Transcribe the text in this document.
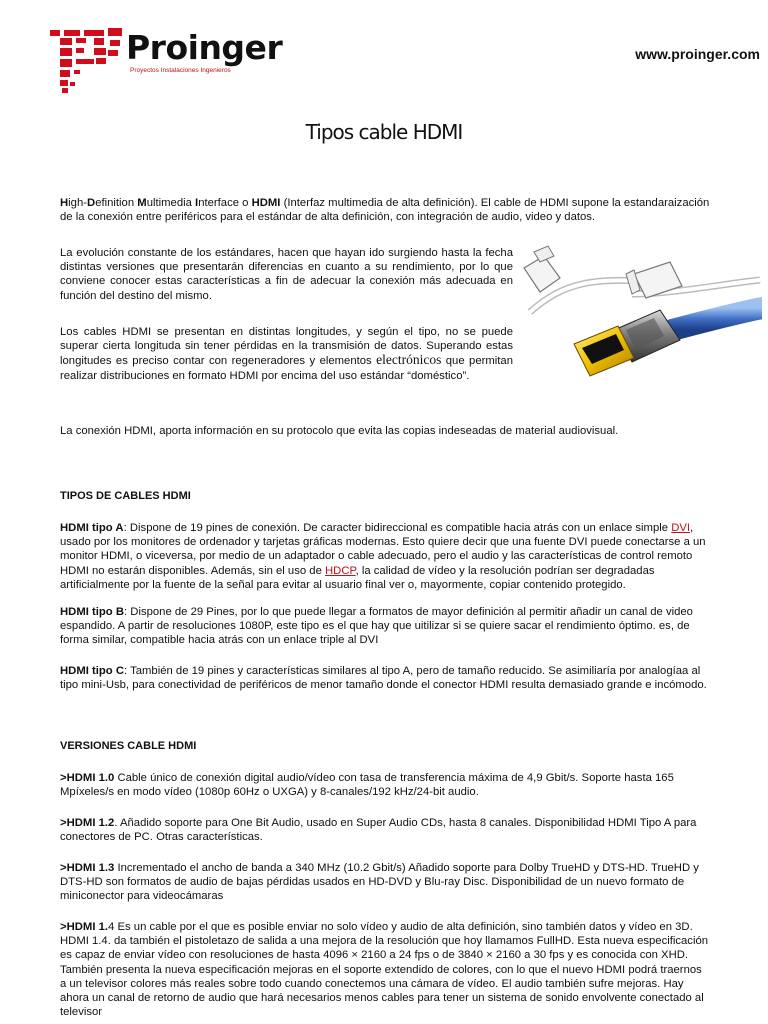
Proinger
Proyectos Instalaciones Ingenieros
www.proinger.com
Tipos cable HDMI

High-Definition Multimedia Interface o HDMI (Interfaz multimedia de alta definición). El cable de HDMI supone la estandaraización de la conexión entre periféricos para el estándar de alta definición, con integración de audio, video y datos.

La evolución constante de los estándares, hacen que hayan ido surgiendo hasta la fecha distintas versiones que presentarán diferencias en cuanto a su rendimiento, por lo que conviene conocer estas características a fin de adecuar la conexión más adecuada en función del destino del mismo.

Los cables HDMI se presentan en distintas longitudes, y según el tipo, no se puede superar cierta longituda sin tener pérdidas en la transmisión de datos. Superando estas longitudes es preciso contar con regeneradores y elementos electrónicos que permitan realizar distribuciones en formato HDMI por encima del uso estándar “doméstico”.

La conexión HDMI, aporta información en su protocolo que evita las copias indeseadas de material audiovisual.

TIPOS DE CABLES HDMI

HDMI tipo A: Dispone de 19 pines de conexión. De caracter bidireccional es compatible hacia atrás con un enlace simple DVI, usado por los monitores de ordenador y tarjetas gráficas modernas. Esto quiere decir que una fuente DVI puede conectarse a un monitor HDMI, o viceversa, por medio de un adaptador o cable adecuado, pero el audio y las características de control remoto HDMI no estarán disponibles. Además, sin el uso de HDCP, la calidad de vídeo y la resolución podrían ser degradadas artificialmente por la fuente de la señal para evitar al usuario final ver o, mayormente, copiar contenido protegido.

HDMI tipo B: Dispone de 29 Pines, por lo que puede llegar a formatos de mayor definición al permitir añadir un canal de video espandido. A partir de resoluciones 1080P, este tipo es el que hay que uitilizar si se quiere sacar el rendimiento óptimo. es, de forma similar, compatible hacia atrás con un enlace triple al DVI

HDMI tipo C: También de 19 pines y características similares al tipo A, pero de tamaño reducido. Se asimiliaría por analogíaa al tipo mini-Usb, para conectividad de periféricos de menor tamaño donde el conector HDMI resulta demasiado grande e incómodo.

VERSIONES CABLE HDMI

>HDMI 1.0 Cable único de conexión digital audio/vídeo con tasa de transferencia máxima de 4,9 Gbit/s. Soporte hasta 165 Mpíxeles/s en modo vídeo (1080p 60Hz o UXGA) y 8-canales/192 kHz/24-bit audio.

>HDMI 1.2. Añadido soporte para One Bit Audio, usado en Super Audio CDs, hasta 8 canales. Disponibilidad HDMI Tipo A para conectores de PC. Otras características.

>HDMI 1.3 Incrementado el ancho de banda a 340 MHz (10.2 Gbit/s) Añadido soporte para Dolby TrueHD y DTS-HD. TrueHD y DTS-HD son formatos de audio de bajas pérdidas usados en HD-DVD y Blu-ray Disc. Disponibilidad de un nuevo formato de miniconector para videocámaras

>HDMI 1.4 Es un cable por el que es posible enviar no solo vídeo y audio de alta definición, sino también datos y vídeo en 3D. HDMI 1.4. da también el pistoletazo de salida a una mejora de la resolución que hoy llamamos FullHD. Esta nueva especificación es capaz de enviar vídeo con resoluciones de hasta 4096 × 2160 a 24 fps o de 3840 × 2160 a 30 fps y es conocida con XHD. También presenta la nueva especificación mejoras en el soporte extendido de colores, con lo que el nuevo HDMI podrá traernos a un televisor colores más reales sobre todo cuando conectemos una cámara de vídeo. El audio también sufre mejoras. Hay ahora un canal de retorno de audio que hará necesarios menos cables para tener un sistema de sonido envolvente conectado al televisor
